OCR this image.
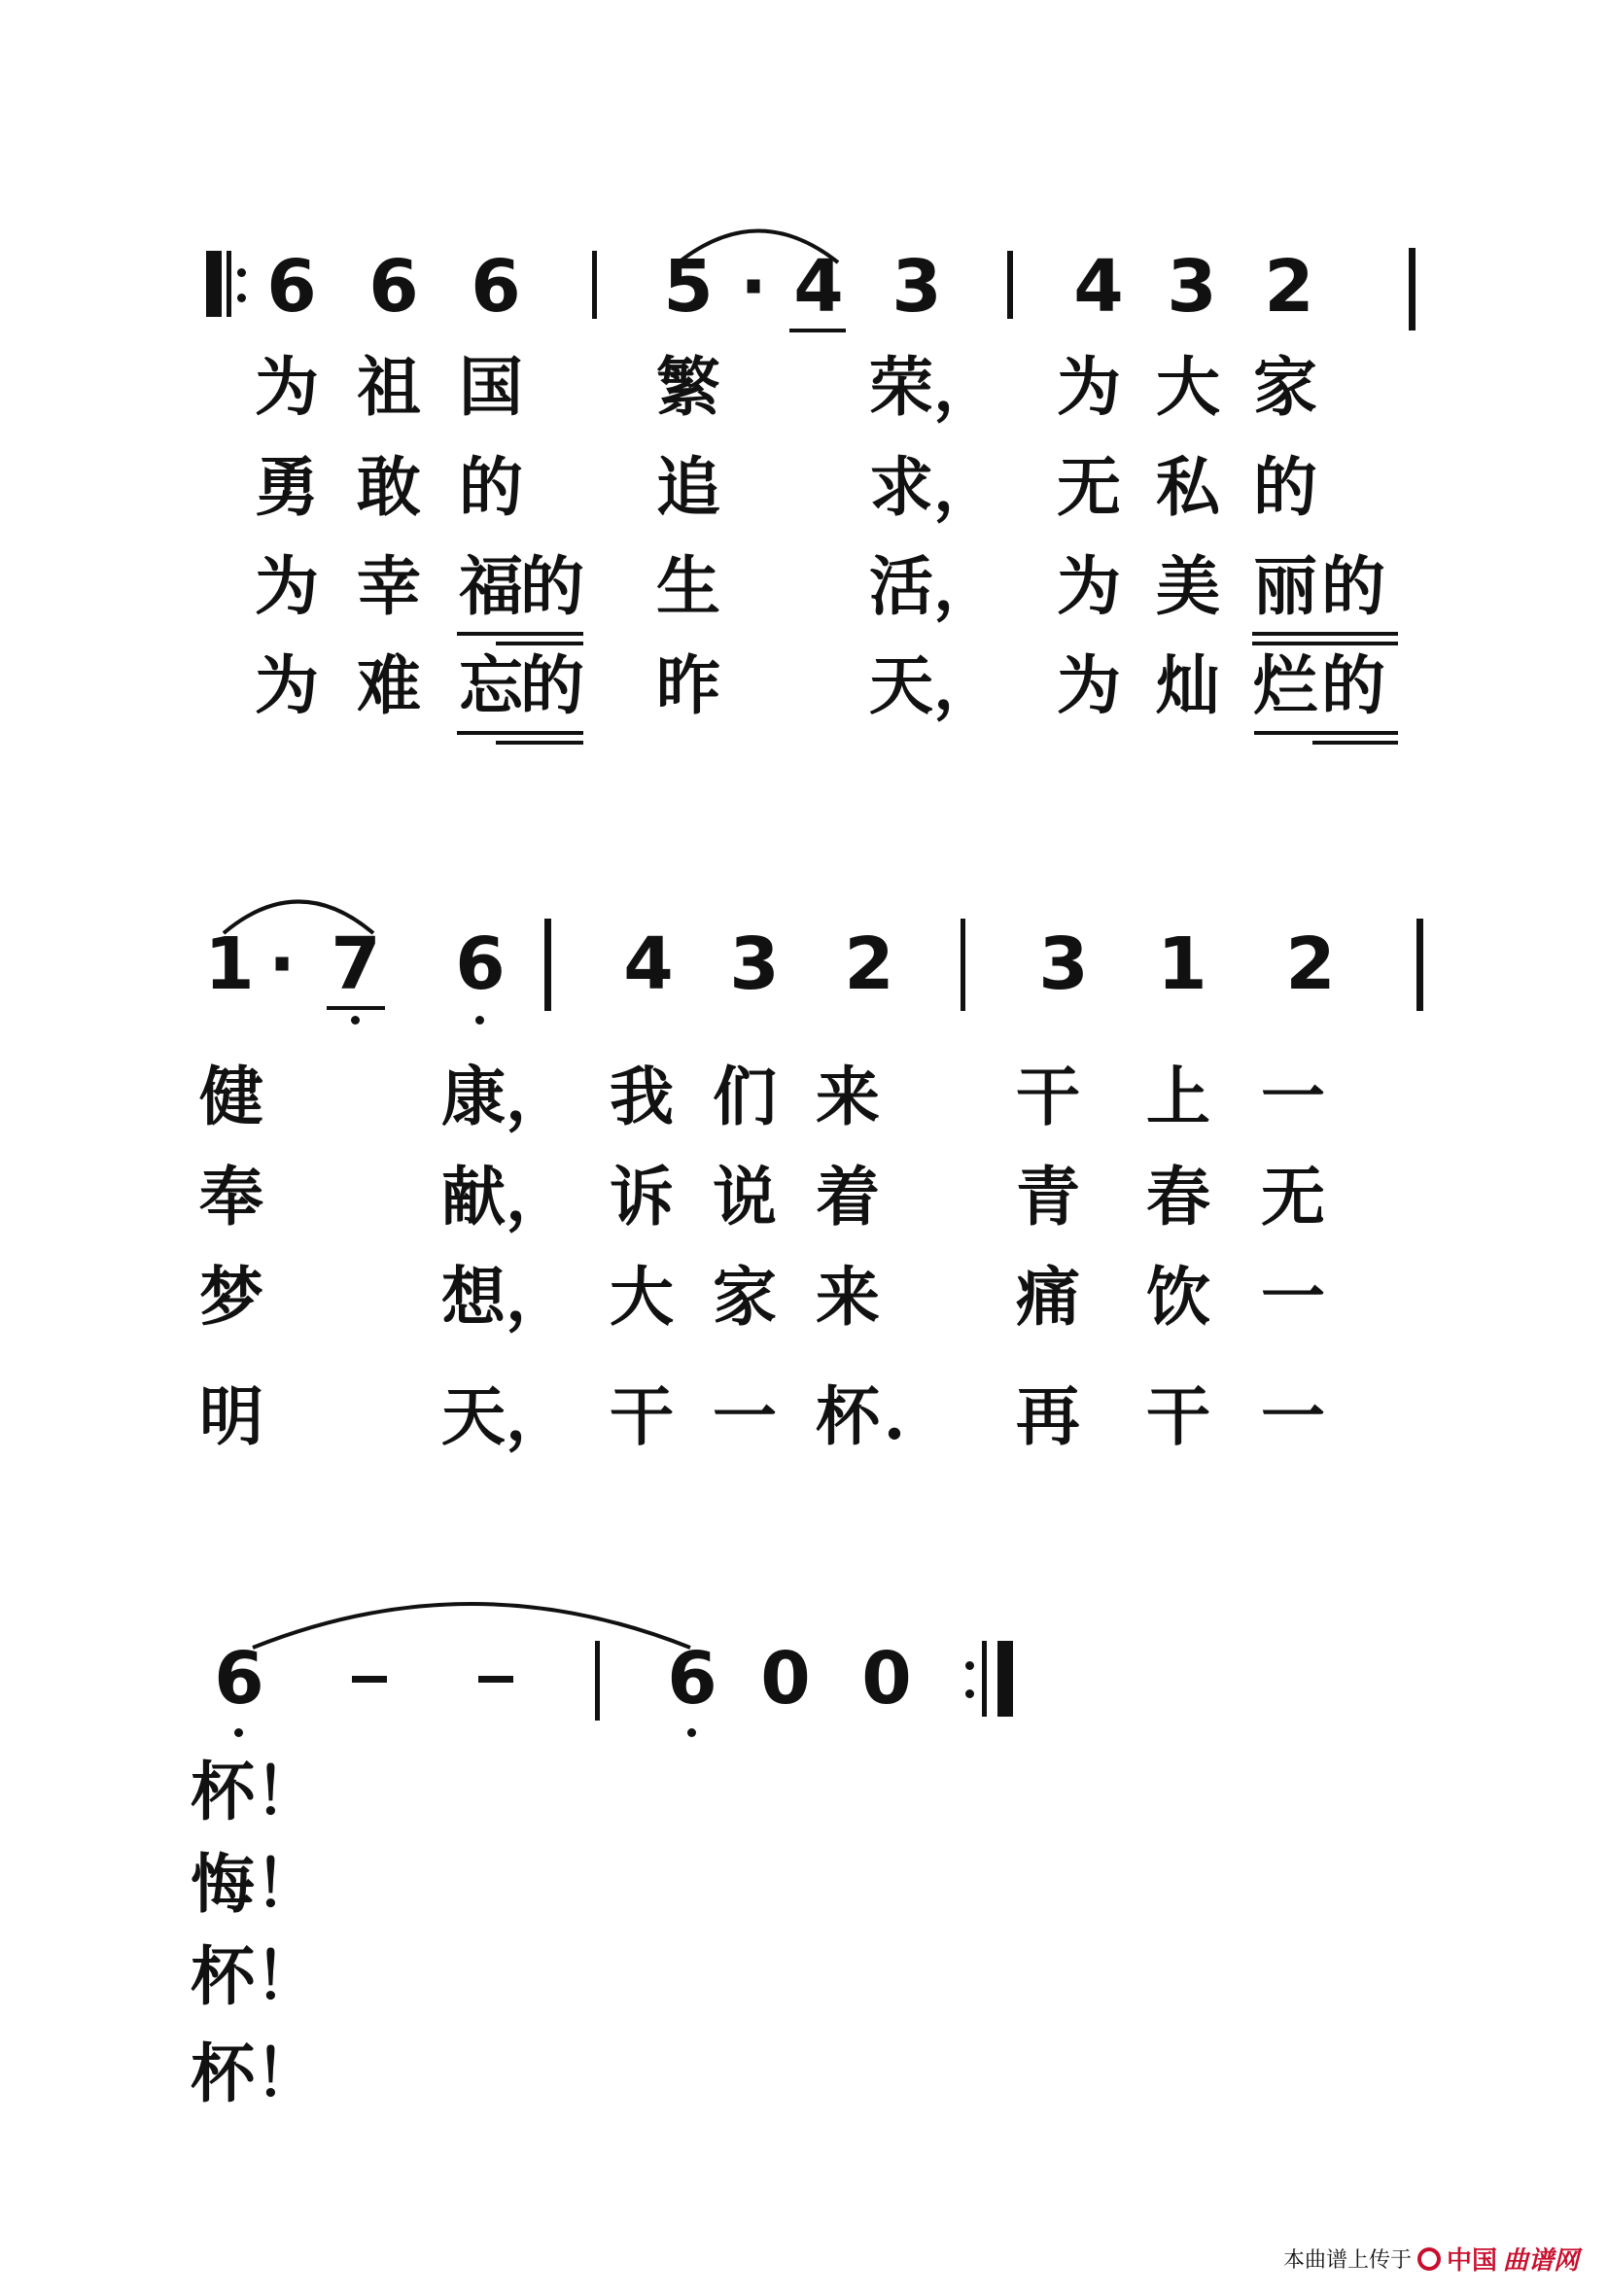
6 6 6 5 · 4 3 4 3 2
为 祖 国 繁 荣， 为 大 家
勇 敢 的 追 求， 无 私 的
为 幸 福
的 生 活， 为 美 丽 的
为 难 忘
的 昨 天， 为 灿 烂 的
1 · 7 6 4 3 2 3 1 2
健	康， 我 们 来 干 上 一
奉	献， 诉 说 着 青 春 无
梦	想， 大 家 来 痛 饮 一
明	天， 干 一 杯 . 再 干 一
6	6 0 0
杯！
悔！
杯！
杯！
本曲谱上传于 中国 曲谱网
